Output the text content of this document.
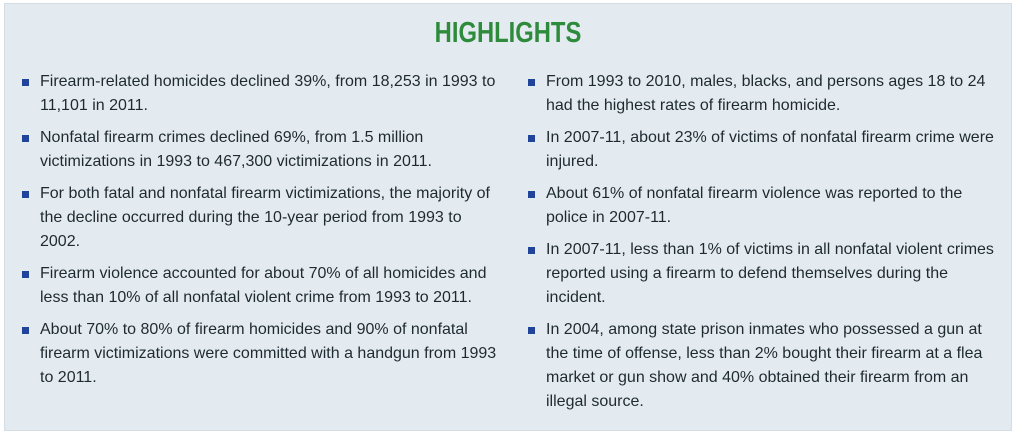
HIGHLIGHTS
Firearm-related homicides declined 39%, from 18,253 in 1993 to 11,101 in 2011.
Nonfatal firearm crimes declined 69%, from 1.5 million victimizations in 1993 to 467,300 victimizations in 2011.
For both fatal and nonfatal firearm victimizations, the majority of the decline occurred during the 10-year period from 1993 to 2002.
Firearm violence accounted for about 70% of all homicides and less than 10% of all nonfatal violent crime from 1993 to 2011.
About 70% to 80% of firearm homicides and 90% of nonfatal firearm victimizations were committed with a handgun from 1993 to 2011.
From 1993 to 2010, males, blacks, and persons ages 18 to 24 had the highest rates of firearm homicide.
In 2007-11, about 23% of victims of nonfatal firearm crime were injured.
About 61% of nonfatal firearm violence was reported to the police in 2007-11.
In 2007-11, less than 1% of victims in all nonfatal violent crimes reported using a firearm to defend themselves during the incident.
In 2004, among state prison inmates who possessed a gun at the time of offense, less than 2% bought their firearm at a flea market or gun show and 40% obtained their firearm from an illegal source.
